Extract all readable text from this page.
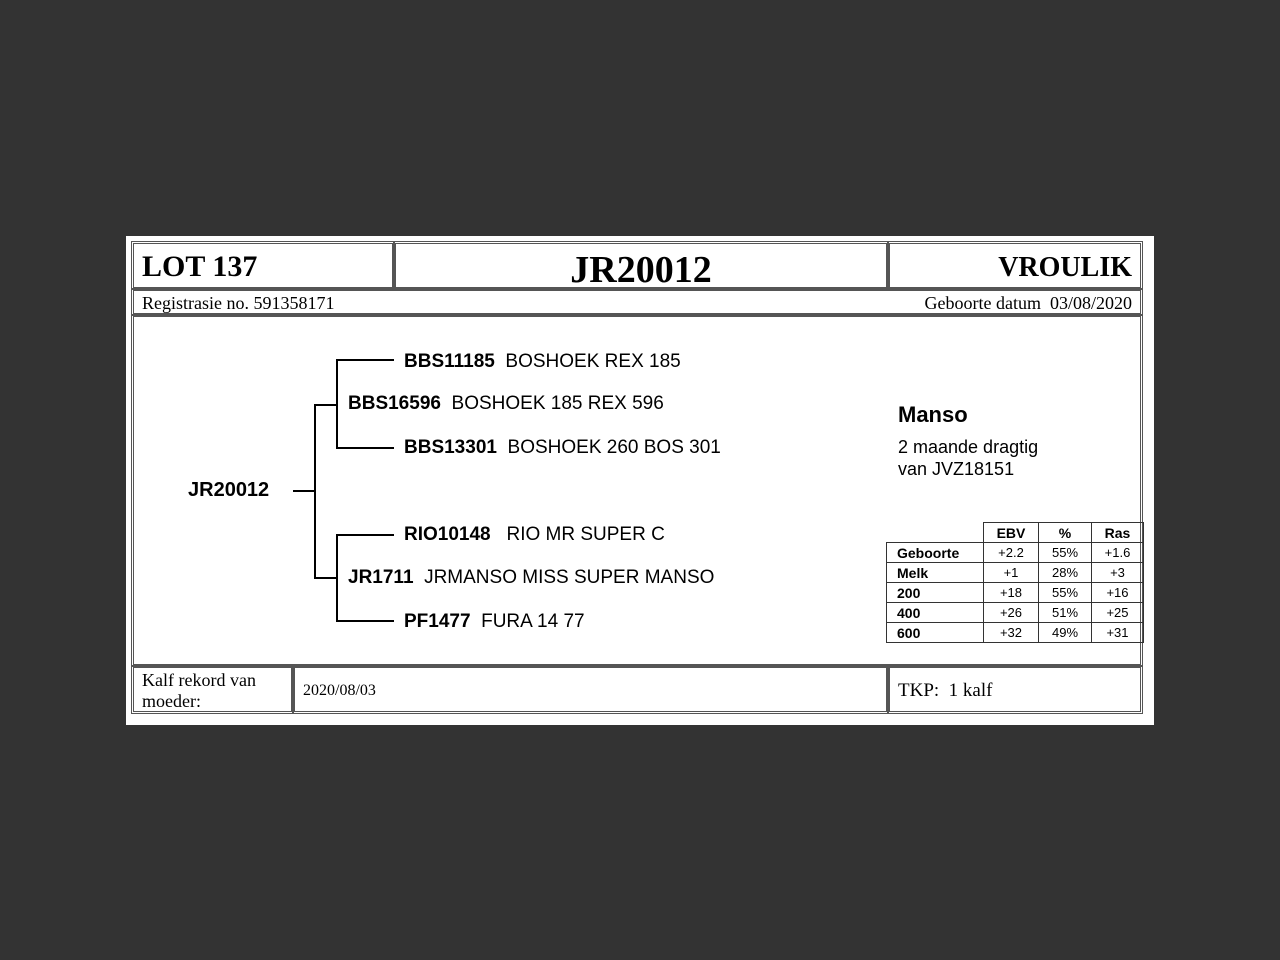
LOT 137	JR20012	VROULIK
Registrasie no. 591358171	Geboorte datum 03/08/2020
JR20012
BBS11185 BOSHOEK REX 185
BBS16596 BOSHOEK 185 REX 596
BBS13301 BOSHOEK 260 BOS 301
RIO10148 RIO MR SUPER C
JR1711 JRMANSO MISS SUPER MANSO
PF1477 FURA 14 77
Manso
2 maande dragtig
van JVZ18151
	EBV	%	Ras
Geboorte	+2.2	55%	+1.6
Melk	+1	28%	+3
200	+18	55%	+16
400	+26	51%	+25
600	+32	49%	+31
Kalf rekord van
moeder:
2020/08/03	TKP:  1 kalf
